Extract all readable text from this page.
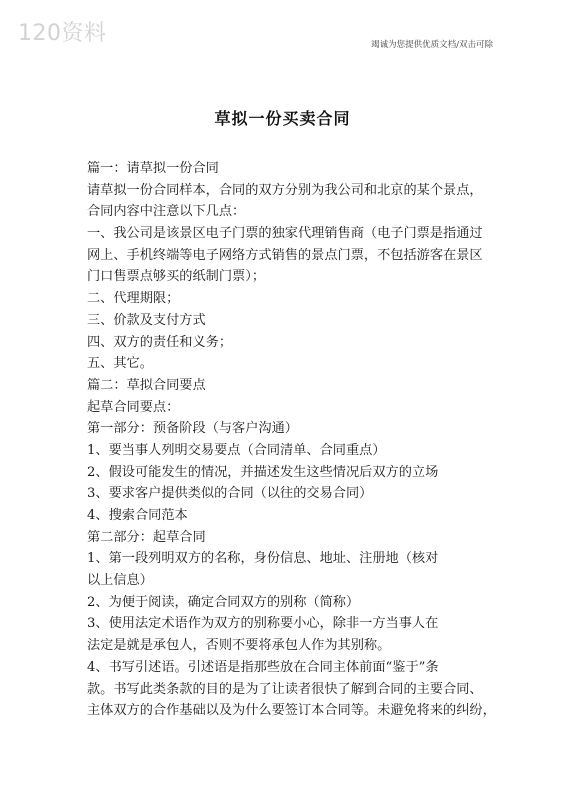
120资料	竭诚为您提供优质文档/双击可除
草拟一份买卖合同
篇一：请草拟一份合同
请草拟一份合同样本，合同的双方分别为我公司和北京的某个景点，
合同内容中注意以下几点：
一、我公司是该景区电子门票的独家代理销售商（电子门票是指通过
网上、手机终端等电子网络方式销售的景点门票，不包括游客在景区
门口售票点够买的纸制门票）；
二、代理期限；
三、价款及支付方式
四、双方的责任和义务；
五、其它。
篇二：草拟合同要点
起草合同要点：
第一部分：预备阶段（与客户沟通）
1、要当事人列明交易要点（合同清单、合同重点）
2、假设可能发生的情况，并描述发生这些情况后双方的立场
3、要求客户提供类似的合同（以往的交易合同）
4、搜索合同范本
第二部分：起草合同
1、第一段列明双方的名称，身份信息、地址、注册地（核对
以上信息）
2、为便于阅读，确定合同双方的别称（简称）
3、使用法定术语作为双方的别称要小心，除非一方当事人在
法定是就是承包人，否则不要将承包人作为其别称。
4、书写引述语。引述语是指那些放在合同主体前面“鉴于”条
款。书写此类条款的目的是为了让读者很快了解到合同的主要合同、
主体双方的合作基础以及为什么要签订本合同等。未避免将来的纠纷，
